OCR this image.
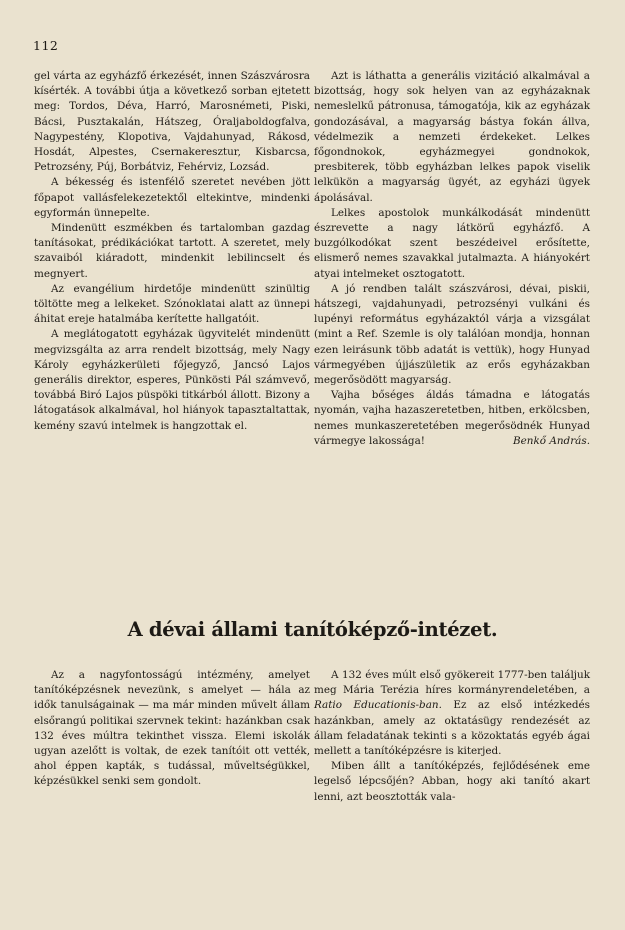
112

gel várta az egyházfő érkezését, innen Szászvárosra kísérték. A további útja a következő sorban ejtetett meg: Tordos, Déva, Harró, Marosnémeti, Piski, Bácsi, Pusztakalán, Hátszeg, Óraljaboldogfalva, Nagypestény, Klopotiva, Vajdahunyad, Rákosd, Hosdát, Alpestes, Csernakeresztur, Kisbarcsa, Petrozsény, Púj, Borbátviz, Fehérviz, Lozsád.

A békesség és istenfélő szeretet nevében jött főpapot vallásfelekezetektől eltekintve, mindenki egyformán ünnepelte.

Mindenütt eszmékben és tartalomban gazdag tanításokat, prédikációkat tartott. A szeretet, mely szavaiból kiáradott, mindenkit lebilincselt és megnyert.

Az evangélium hirdetője mindenütt szinültig töltötte meg a lelkeket. Szónoklatai alatt az ünnepi áhitat ereje hatalmába kerítette hallgatóit.

A meglátogatott egyházak ügyvitelét mindenütt megvizsgálta az arra rendelt bizottság, mely Nagy Károly egyházkerületi főjegyző, Jancsó Lajos generális direktor, esperes, Pünkösti Pál számvevő, továbbá Biró Lajos püspöki titkárból állott. Bizony a látogatások alkalmával, hol hiányok tapasztaltattak, kemény szavú intelmek is hangzottak el.

Azt is láthatta a generális vizitáció alkalmával a bizottság, hogy sok helyen van az egyházaknak nemeslelkű pátronusa, támogatója, kik az egyházak gondozásával, a magyarság bástya fokán állva, védelmezik a nemzeti érdekeket. Lelkes főgondnokok, egyházmegyei gondnokok, presbiterek, több egyházban lelkes papok viselik lelkükön a magyarság ügyét, az egyházi ügyek ápolásával.

Lelkes apostolok munkálkodását mindenütt észrevette a nagy látkörű egyházfő. A buzgólkodókat szent beszédeivel erősítette, elismerő nemes szavakkal jutalmazta. A hiányokért atyai intelmeket osztogatott.

A jó rendben talált szászvárosi, dévai, piskii, hátszegi, vajdahunyadi, petrozsényi vulkáni és lupényi református egyházaktól várja a vizsgálat (mint a Ref. Szemle is oly találóan mondja, honnan ezen leirásunk több adatát is vettük), hogy Hunyad vármegyében újjászületik az erős egyházakban megerősödött magyarság.

Vajha bőséges áldás támadna e látogatás nyomán, vajha hazaszeretetben, hitben, erkölcsben, nemes munkaszeretetében megerősödnék Hunyad vármegye lakossága!	Benkő András.

A dévai állami tanítóképző-intézet.

Az a nagyfontosságú intézmény, amelyet tanítóképzésnek nevezünk, s amelyet — hála az idők tanulságainak — ma már minden művelt állam elsőrangú politikai szervnek tekint: hazánkban csak 132 éves múltra tekinthet vissza. Elemi iskolák ugyan azelőtt is voltak, de ezek tanítóit ott vették, ahol éppen kapták, s tudással, műveltségükkel, képzésükkel senki sem gondolt.

A 132 éves múlt első gyökereit 1777-ben találjuk meg Mária Terézia híres kormányrendeletében, a Ratio Educationis-ban. Ez az első intézkedés hazánkban, amely az oktatásügy rendezését az állam feladatának tekinti s a közoktatás egyéb ágai mellett a tanítóképzésre is kiterjed.

Miben állt a tanítóképzés, fejlődésének eme legelső lépcsőjén? Abban, hogy aki tanító akart lenni, azt beosztották vala-
